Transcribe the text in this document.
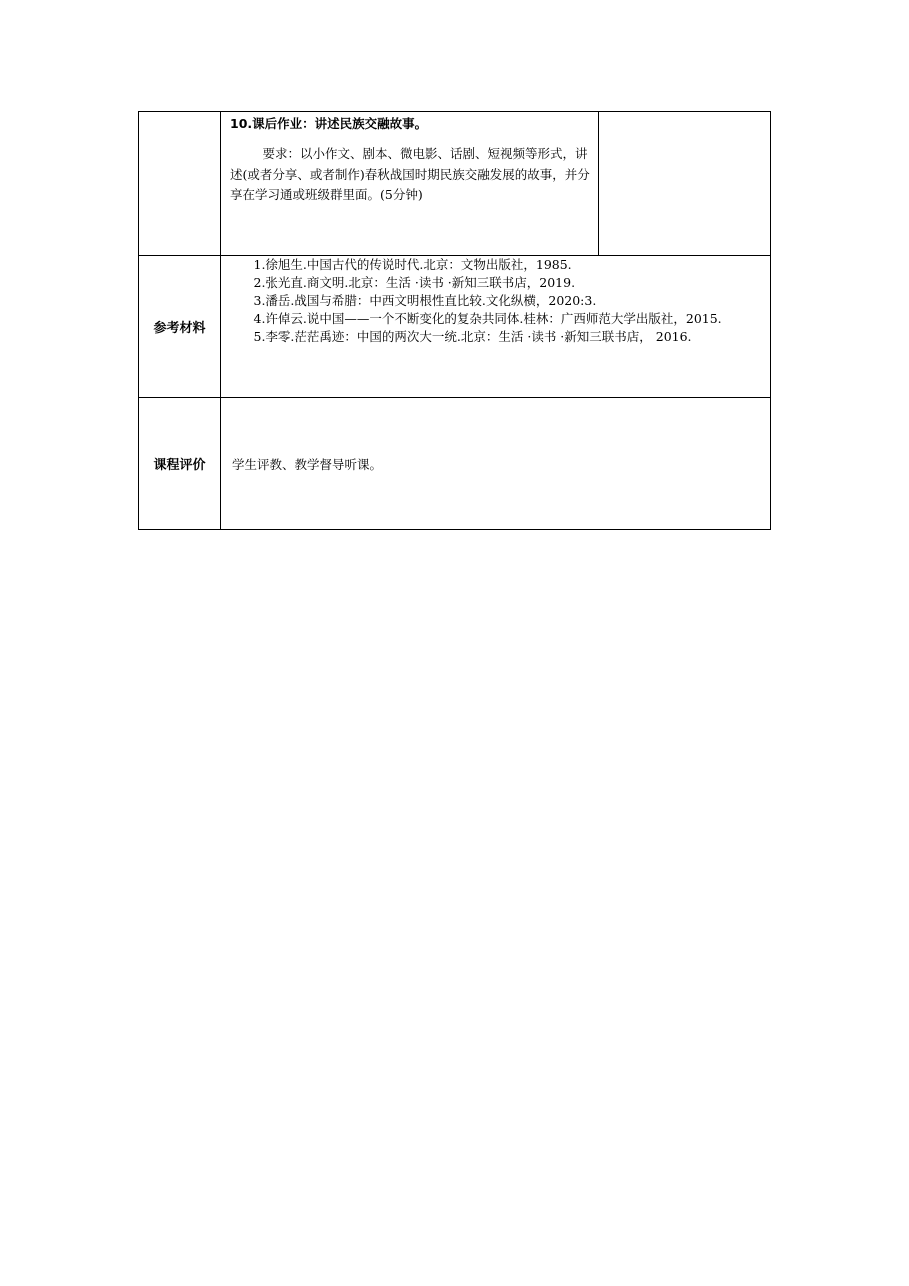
	10.课后作业：讲述民族交融故事。
要求：以小作文、剧本、微电影、话剧、短视频等形式，讲述(或者分享、或者制作)春秋战国时期民族交融发展的故事，并分享在学习通或班级群里面。(5分钟)	

参考材料	1.徐旭生.中国古代的传说时代.北京：文物出版社，1985.

2.张光直.商文明.北京：生活 ·读书 ·新知三联书店，2019.

3.潘岳.战国与希腊：中西文明根性直比较.文化纵横，2020:3.

4.许倬云.说中国——一个不断变化的复杂共同体.桂林：广西师范大学出版社，2015.

5.李零.茫茫禹迹：中国的两次大一统.北京：生活 ·读书 ·新知三联书店， 2016.	

课程评价	学生评教、教学督导听课。	
